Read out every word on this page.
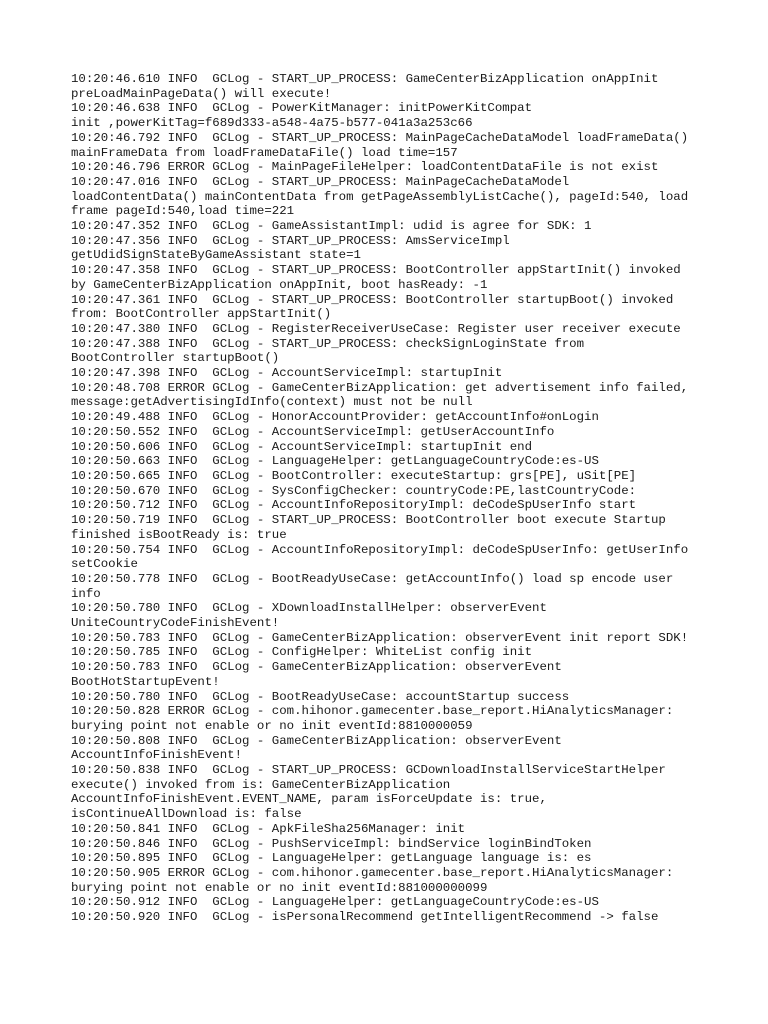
10:20:46.610 INFO  GCLog - START_UP_PROCESS: GameCenterBizApplication onAppInit
preLoadMainPageData() will execute!
10:20:46.638 INFO  GCLog - PowerKitManager: initPowerKitCompat
init ,powerKitTag=f689d333-a548-4a75-b577-041a3a253c66
10:20:46.792 INFO  GCLog - START_UP_PROCESS: MainPageCacheDataModel loadFrameData()
mainFrameData from loadFrameDataFile() load time=157
10:20:46.796 ERROR GCLog - MainPageFileHelper: loadContentDataFile is not exist
10:20:47.016 INFO  GCLog - START_UP_PROCESS: MainPageCacheDataModel
loadContentData() mainContentData from getPageAssemblyListCache(), pageId:540, load
frame pageId:540,load time=221
10:20:47.352 INFO  GCLog - GameAssistantImpl: udid is agree for SDK: 1
10:20:47.356 INFO  GCLog - START_UP_PROCESS: AmsServiceImpl
getUdidSignStateByGameAssistant state=1
10:20:47.358 INFO  GCLog - START_UP_PROCESS: BootController appStartInit() invoked
by GameCenterBizApplication onAppInit, boot hasReady: -1
10:20:47.361 INFO  GCLog - START_UP_PROCESS: BootController startupBoot() invoked
from: BootController appStartInit()
10:20:47.380 INFO  GCLog - RegisterReceiverUseCase: Register user receiver execute
10:20:47.388 INFO  GCLog - START_UP_PROCESS: checkSignLoginState from
BootController startupBoot()
10:20:47.398 INFO  GCLog - AccountServiceImpl: startupInit
10:20:48.708 ERROR GCLog - GameCenterBizApplication: get advertisement info failed,
message:getAdvertisingIdInfo(context) must not be null
10:20:49.488 INFO  GCLog - HonorAccountProvider: getAccountInfo#onLogin
10:20:50.552 INFO  GCLog - AccountServiceImpl: getUserAccountInfo
10:20:50.606 INFO  GCLog - AccountServiceImpl: startupInit end
10:20:50.663 INFO  GCLog - LanguageHelper: getLanguageCountryCode:es-US
10:20:50.665 INFO  GCLog - BootController: executeStartup: grs[PE], uSit[PE]
10:20:50.670 INFO  GCLog - SysConfigChecker: countryCode:PE,lastCountryCode:
10:20:50.712 INFO  GCLog - AccountInfoRepositoryImpl: deCodeSpUserInfo start
10:20:50.719 INFO  GCLog - START_UP_PROCESS: BootController boot execute Startup
finished isBootReady is: true
10:20:50.754 INFO  GCLog - AccountInfoRepositoryImpl: deCodeSpUserInfo: getUserInfo
setCookie
10:20:50.778 INFO  GCLog - BootReadyUseCase: getAccountInfo() load sp encode user
info
10:20:50.780 INFO  GCLog - XDownloadInstallHelper: observerEvent
UniteCountryCodeFinishEvent!
10:20:50.783 INFO  GCLog - GameCenterBizApplication: observerEvent init report SDK!
10:20:50.785 INFO  GCLog - ConfigHelper: WhiteList config init
10:20:50.783 INFO  GCLog - GameCenterBizApplication: observerEvent
BootHotStartupEvent!
10:20:50.780 INFO  GCLog - BootReadyUseCase: accountStartup success
10:20:50.828 ERROR GCLog - com.hihonor.gamecenter.base_report.HiAnalyticsManager:
burying point not enable or no init eventId:8810000059
10:20:50.808 INFO  GCLog - GameCenterBizApplication: observerEvent
AccountInfoFinishEvent!
10:20:50.838 INFO  GCLog - START_UP_PROCESS: GCDownloadInstallServiceStartHelper
execute() invoked from is: GameCenterBizApplication
AccountInfoFinishEvent.EVENT_NAME, param isForceUpdate is: true,
isContinueAllDownload is: false
10:20:50.841 INFO  GCLog - ApkFileSha256Manager: init
10:20:50.846 INFO  GCLog - PushServiceImpl: bindService loginBindToken
10:20:50.895 INFO  GCLog - LanguageHelper: getLanguage language is: es
10:20:50.905 ERROR GCLog - com.hihonor.gamecenter.base_report.HiAnalyticsManager:
burying point not enable or no init eventId:881000000099
10:20:50.912 INFO  GCLog - LanguageHelper: getLanguageCountryCode:es-US
10:20:50.920 INFO  GCLog - isPersonalRecommend getIntelligentRecommend -> false
